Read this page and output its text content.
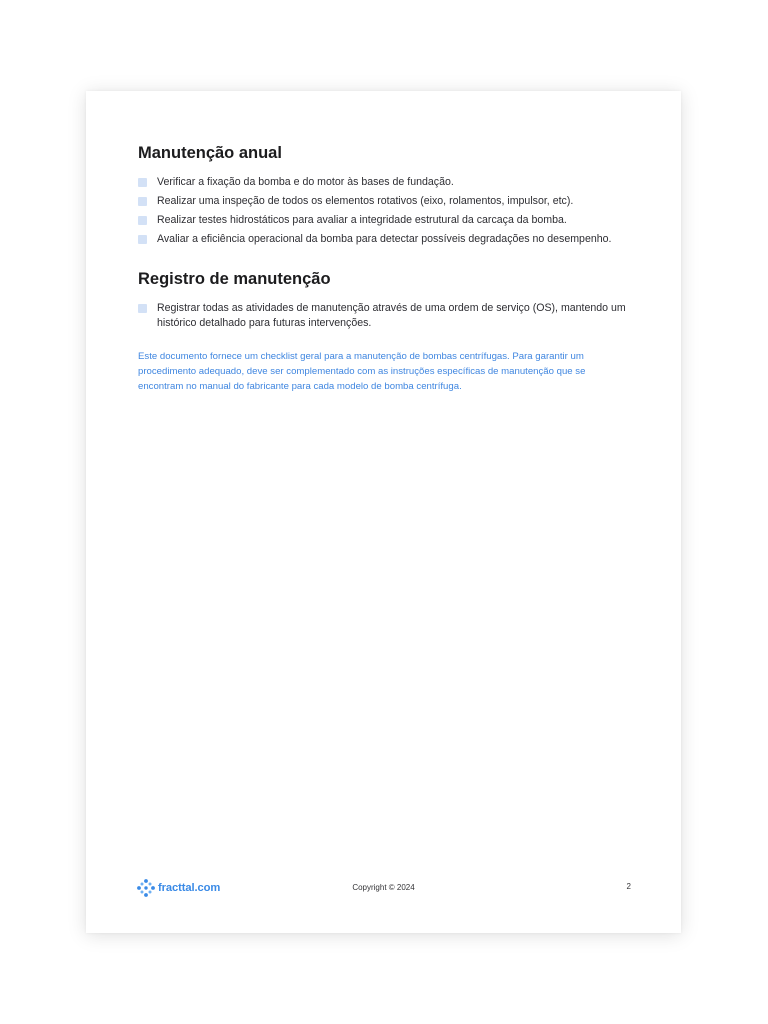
Manutenção anual
Verificar a fixação da bomba e do motor às bases de fundação.
Realizar uma inspeção de todos os elementos rotativos (eixo, rolamentos, impulsor, etc).
Realizar testes hidrostáticos para avaliar a integridade estrutural da carcaça da bomba.
Avaliar a eficiência operacional da bomba para detectar possíveis degradações no desempenho.
Registro de manutenção
Registrar todas as atividades de manutenção através de uma ordem de serviço (OS), mantendo um histórico detalhado para futuras intervenções.

Este documento fornece um checklist geral para a manutenção de bombas centrífugas. Para garantir um procedimento adequado, deve ser complementado com as instruções específicas de manutenção que se encontram no manual do fabricante para cada modelo de bomba centrífuga.

fracttal.com	Copyright © 2024	2
